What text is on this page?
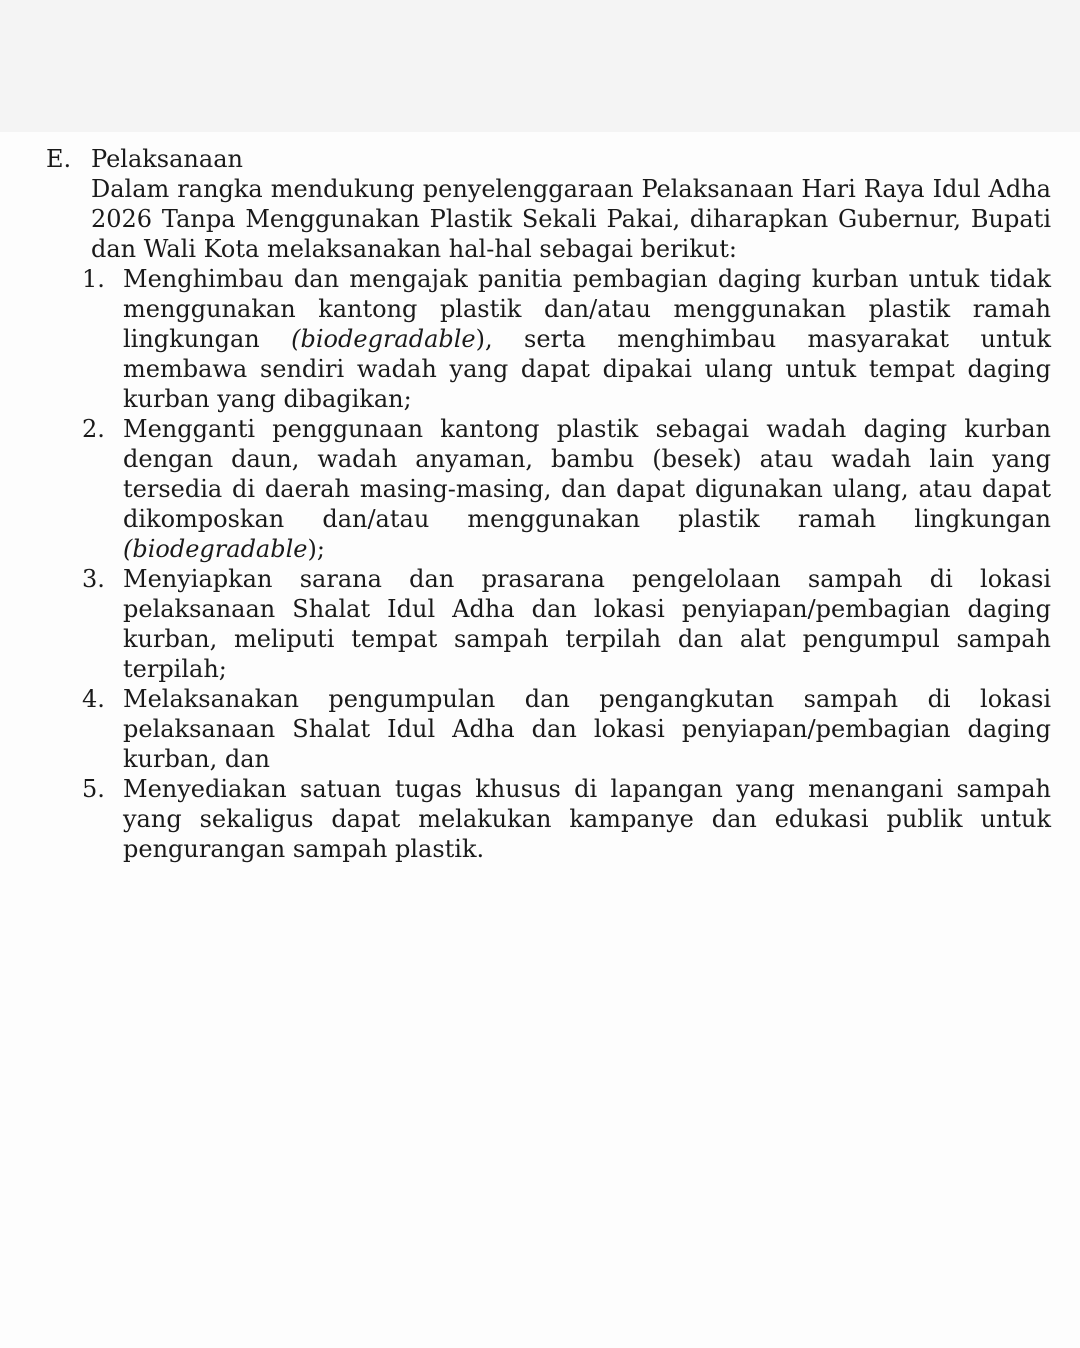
E. Pelaksanaan
Dalam rangka mendukung penyelenggaraan Pelaksanaan Hari Raya Idul Adha 2026 Tanpa Menggunakan Plastik Sekali Pakai, diharapkan Gubernur, Bupati dan Wali Kota melaksanakan hal-hal sebagai berikut:
1. Menghimbau dan mengajak panitia pembagian daging kurban untuk tidak menggunakan kantong plastik dan/atau menggunakan plastik ramah lingkungan (biodegradable), serta menghimbau masyarakat untuk membawa sendiri wadah yang dapat dipakai ulang untuk tempat daging kurban yang dibagikan;
2. Mengganti penggunaan kantong plastik sebagai wadah daging kurban dengan daun, wadah anyaman, bambu (besek) atau wadah lain yang tersedia di daerah masing-masing, dan dapat digunakan ulang, atau dapat dikomposkan dan/atau menggunakan plastik ramah lingkungan (biodegradable);
3. Menyiapkan sarana dan prasarana pengelolaan sampah di lokasi pelaksanaan Shalat Idul Adha dan lokasi penyiapan/pembagian daging kurban, meliputi tempat sampah terpilah dan alat pengumpul sampah terpilah;
4. Melaksanakan pengumpulan dan pengangkutan sampah di lokasi pelaksanaan Shalat Idul Adha dan lokasi penyiapan/pembagian daging kurban, dan
5. Menyediakan satuan tugas khusus di lapangan yang menangani sampah yang sekaligus dapat melakukan kampanye dan edukasi publik untuk pengurangan sampah plastik.
